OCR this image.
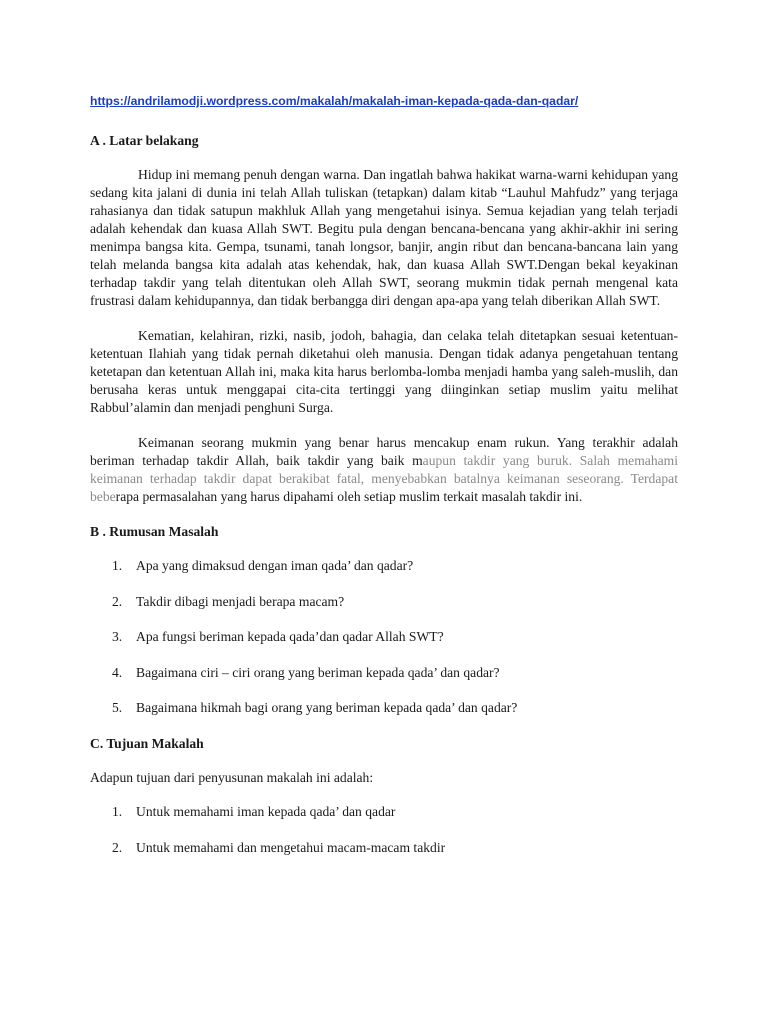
https://andrilamodji.wordpress.com/makalah/makalah-iman-kepada-qada-dan-qadar/
A . Latar belakang

Hidup ini memang penuh dengan warna. Dan ingatlah bahwa hakikat warna-warni kehidupan yang sedang kita jalani di dunia ini telah Allah tuliskan (tetapkan) dalam kitab “Lauhul Mahfudz” yang terjaga rahasianya dan tidak satupun makhluk Allah yang mengetahui isinya. Semua kejadian yang telah terjadi adalah kehendak dan kuasa Allah SWT. Begitu pula dengan bencana-bencana yang akhir-akhir ini sering menimpa bangsa kita. Gempa, tsunami, tanah longsor, banjir, angin ribut dan bencana-bancana lain yang telah melanda bangsa kita adalah atas kehendak, hak, dan kuasa Allah SWT.Dengan bekal keyakinan terhadap takdir yang telah ditentukan oleh Allah SWT, seorang mukmin tidak pernah mengenal kata frustrasi dalam kehidupannya, dan tidak berbangga diri dengan apa-apa yang telah diberikan Allah SWT.

Kematian, kelahiran, rizki, nasib, jodoh, bahagia, dan celaka telah ditetapkan sesuai ketentuan-ketentuan Ilahiah yang tidak pernah diketahui oleh manusia. Dengan tidak adanya pengetahuan tentang ketetapan dan ketentuan Allah ini, maka kita harus berlomba-lomba menjadi hamba yang saleh-muslih, dan berusaha keras untuk menggapai cita-cita tertinggi yang diinginkan setiap muslim yaitu melihat Rabbul’alamin dan menjadi penghuni Surga.

Keimanan seorang mukmin yang benar harus mencakup enam rukun. Yang terakhir adalah beriman terhadap takdir Allah, baik takdir yang baik maupun takdir yang buruk. Salah memahami keimanan terhadap takdir dapat berakibat fatal, menyebabkan batalnya keimanan seseorang. Terdapat beberapa permasalahan yang harus dipahami oleh setiap muslim terkait masalah takdir ini.

B . Rumusan Masalah
1. Apa yang dimaksud dengan iman qada’ dan qadar?
2. Takdir dibagi menjadi berapa macam?
3. Apa fungsi beriman kepada qada’dan qadar Allah SWT?
4. Bagaimana ciri – ciri orang yang beriman kepada qada’ dan qadar?
5. Bagaimana hikmah bagi orang yang beriman kepada qada’ dan qadar?
C. Tujuan Makalah
Adapun tujuan dari penyusunan makalah ini adalah:
1. Untuk memahami iman kepada qada’ dan qadar
2. Untuk memahami dan mengetahui macam-macam takdir
